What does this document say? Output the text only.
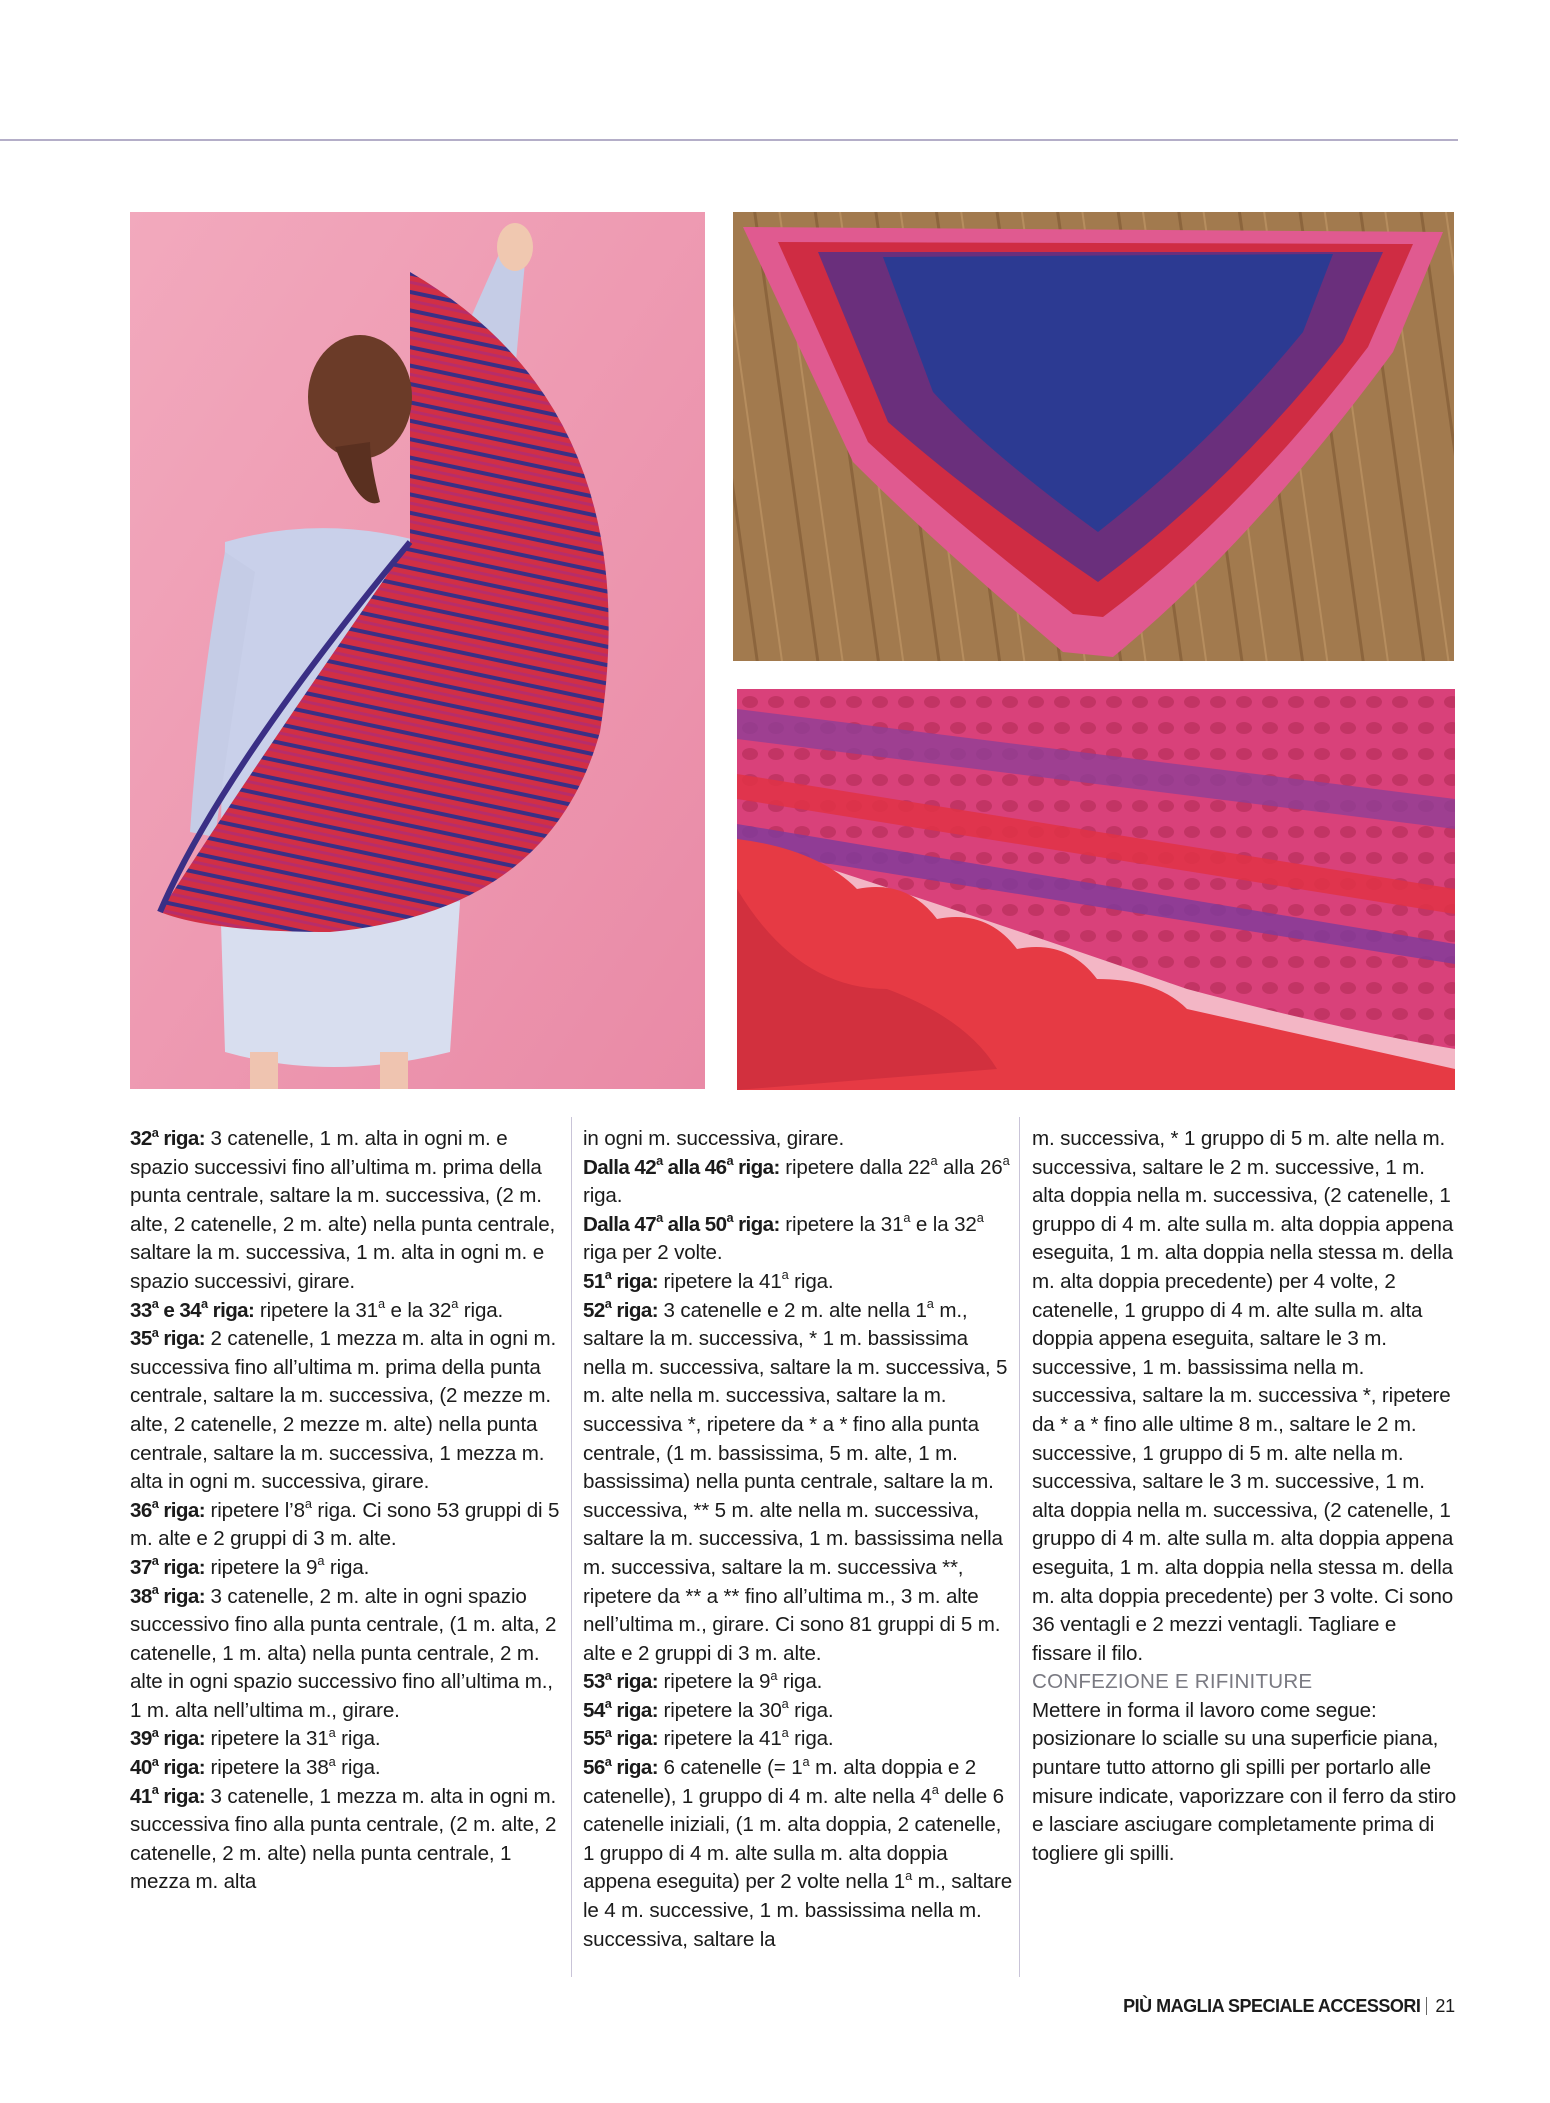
32$^a$ riga: 3 catenelle, 1 m. alta in ogni m. e spazio successivi fino all’ultima m. prima della punta centrale, saltare la m. successiva, (2 m. alte, 2 catenelle, 2 m. alte) nella punta centrale, saltare la m. successiva, 1 m. alta in ogni m. e spazio successivi, girare.

33$^a$ e 34$^a$ riga: ripetere la 31$^a$ e la 32$^a$ riga.

35$^a$ riga: 2 catenelle, 1 mezza m. alta in ogni m. successiva fino all’ultima m. prima della punta centrale, saltare la m. successiva, (2 mezze m. alte, 2 catenelle, 2 mezze m. alte) nella punta centrale, saltare la m. successiva, 1 mezza m. alta in ogni m. successiva, girare.

36$^a$ riga: ripetere l’8$^a$ riga. Ci sono 53 gruppi di 5 m. alte e 2 gruppi di 3 m. alte.

37$^a$ riga: ripetere la 9$^a$ riga.

38$^a$ riga: 3 catenelle, 2 m. alte in ogni spazio successivo fino alla punta centrale, (1 m. alta, 2 catenelle, 1 m. alta) nella punta centrale, 2 m. alte in ogni spazio successivo fino all’ultima m., 1 m. alta nell’ultima m., girare.

39$^a$ riga: ripetere la 31$^a$ riga.

40$^a$ riga: ripetere la 38$^a$ riga.

41$^a$ riga: 3 catenelle, 1 mezza m. alta in ogni m. successiva fino alla punta centrale, (2 m. alte, 2 catenelle, 2 m. alte) nella punta centrale, 1 mezza m. alta

in ogni m. successiva, girare.

Dalla 42$^a$ alla 46$^a$ riga: ripetere dalla 22$^a$ alla 26$^a$ riga.

Dalla 47$^a$ alla 50$^a$ riga: ripetere la 31$^a$ e la 32$^a$ riga per 2 volte.

51$^a$ riga: ripetere la 41$^a$ riga.

52$^a$ riga: 3 catenelle e 2 m. alte nella 1$^a$ m., saltare la m. successiva, * 1 m. bassissima nella m. successiva, saltare la m. successiva, 5 m. alte nella m. successiva, saltare la m. successiva *, ripetere da * a * fino alla punta centrale, (1 m. bassissima, 5 m. alte, 1 m. bassissima) nella punta centrale, saltare la m. successiva, ** 5 m. alte nella m. successiva, saltare la m. successiva, 1 m. bassissima nella m. successiva, saltare la m. successiva **, ripetere da ** a ** fino all’ultima m., 3 m. alte nell’ultima m., girare. Ci sono 81 gruppi di 5 m. alte e 2 gruppi di 3 m. alte.

53$^a$ riga: ripetere la 9$^a$ riga.

54$^a$ riga: ripetere la 30$^a$ riga.

55$^a$ riga: ripetere la 41$^a$ riga.

56$^a$ riga: 6 catenelle (= $1^a$ m. alta doppia e 2 catenelle), 1 gruppo di 4 m. alte nella 4$^a$ delle 6 catenelle iniziali, (1 m. alta doppia, 2 catenelle, 1 gruppo di 4 m. alte sulla m. alta doppia appena eseguita) per 2 volte nella 1$^a$ m., saltare le 4 m. successive, 1 m. bassissima nella m. successiva, saltare la

m. successiva, * 1 gruppo di 5 m. alte nella m. successiva, saltare le 2 m. successive, 1 m. alta doppia nella m. successiva, (2 catenelle, 1 gruppo di 4 m. alte sulla m. alta doppia appena eseguita, 1 m. alta doppia nella stessa m. della m. alta doppia precedente) per 4 volte, 2 catenelle, 1 gruppo di 4 m. alte sulla m. alta doppia appena eseguita, saltare le 3 m. successive, 1 m. bassissima nella m. successiva, saltare la m. successiva *, ripetere da * a * fino alle ultime 8 m., saltare le 2 m. successive, 1 gruppo di 5 m. alte nella m. successiva, saltare le 3 m. successive, 1 m. alta doppia nella m. successiva, (2 catenelle, 1 gruppo di 4 m. alte sulla m. alta doppia appena eseguita, 1 m. alta doppia nella stessa m. della m. alta doppia precedente) per 3 volte. Ci sono 36 ventagli e 2 mezzi ventagli. Tagliare e fissare il filo.

CONFEZIONE E RIFINITURE

Mettere in forma il lavoro come segue: posizionare lo scialle su una superficie piana, puntare tutto attorno gli spilli per portarlo alle misure indicate, vaporizzare con il ferro da stiro e lasciare asciugare completamente prima di togliere gli spilli.

PIÙ MAGLIA SPECIALE ACCESSORI 21
